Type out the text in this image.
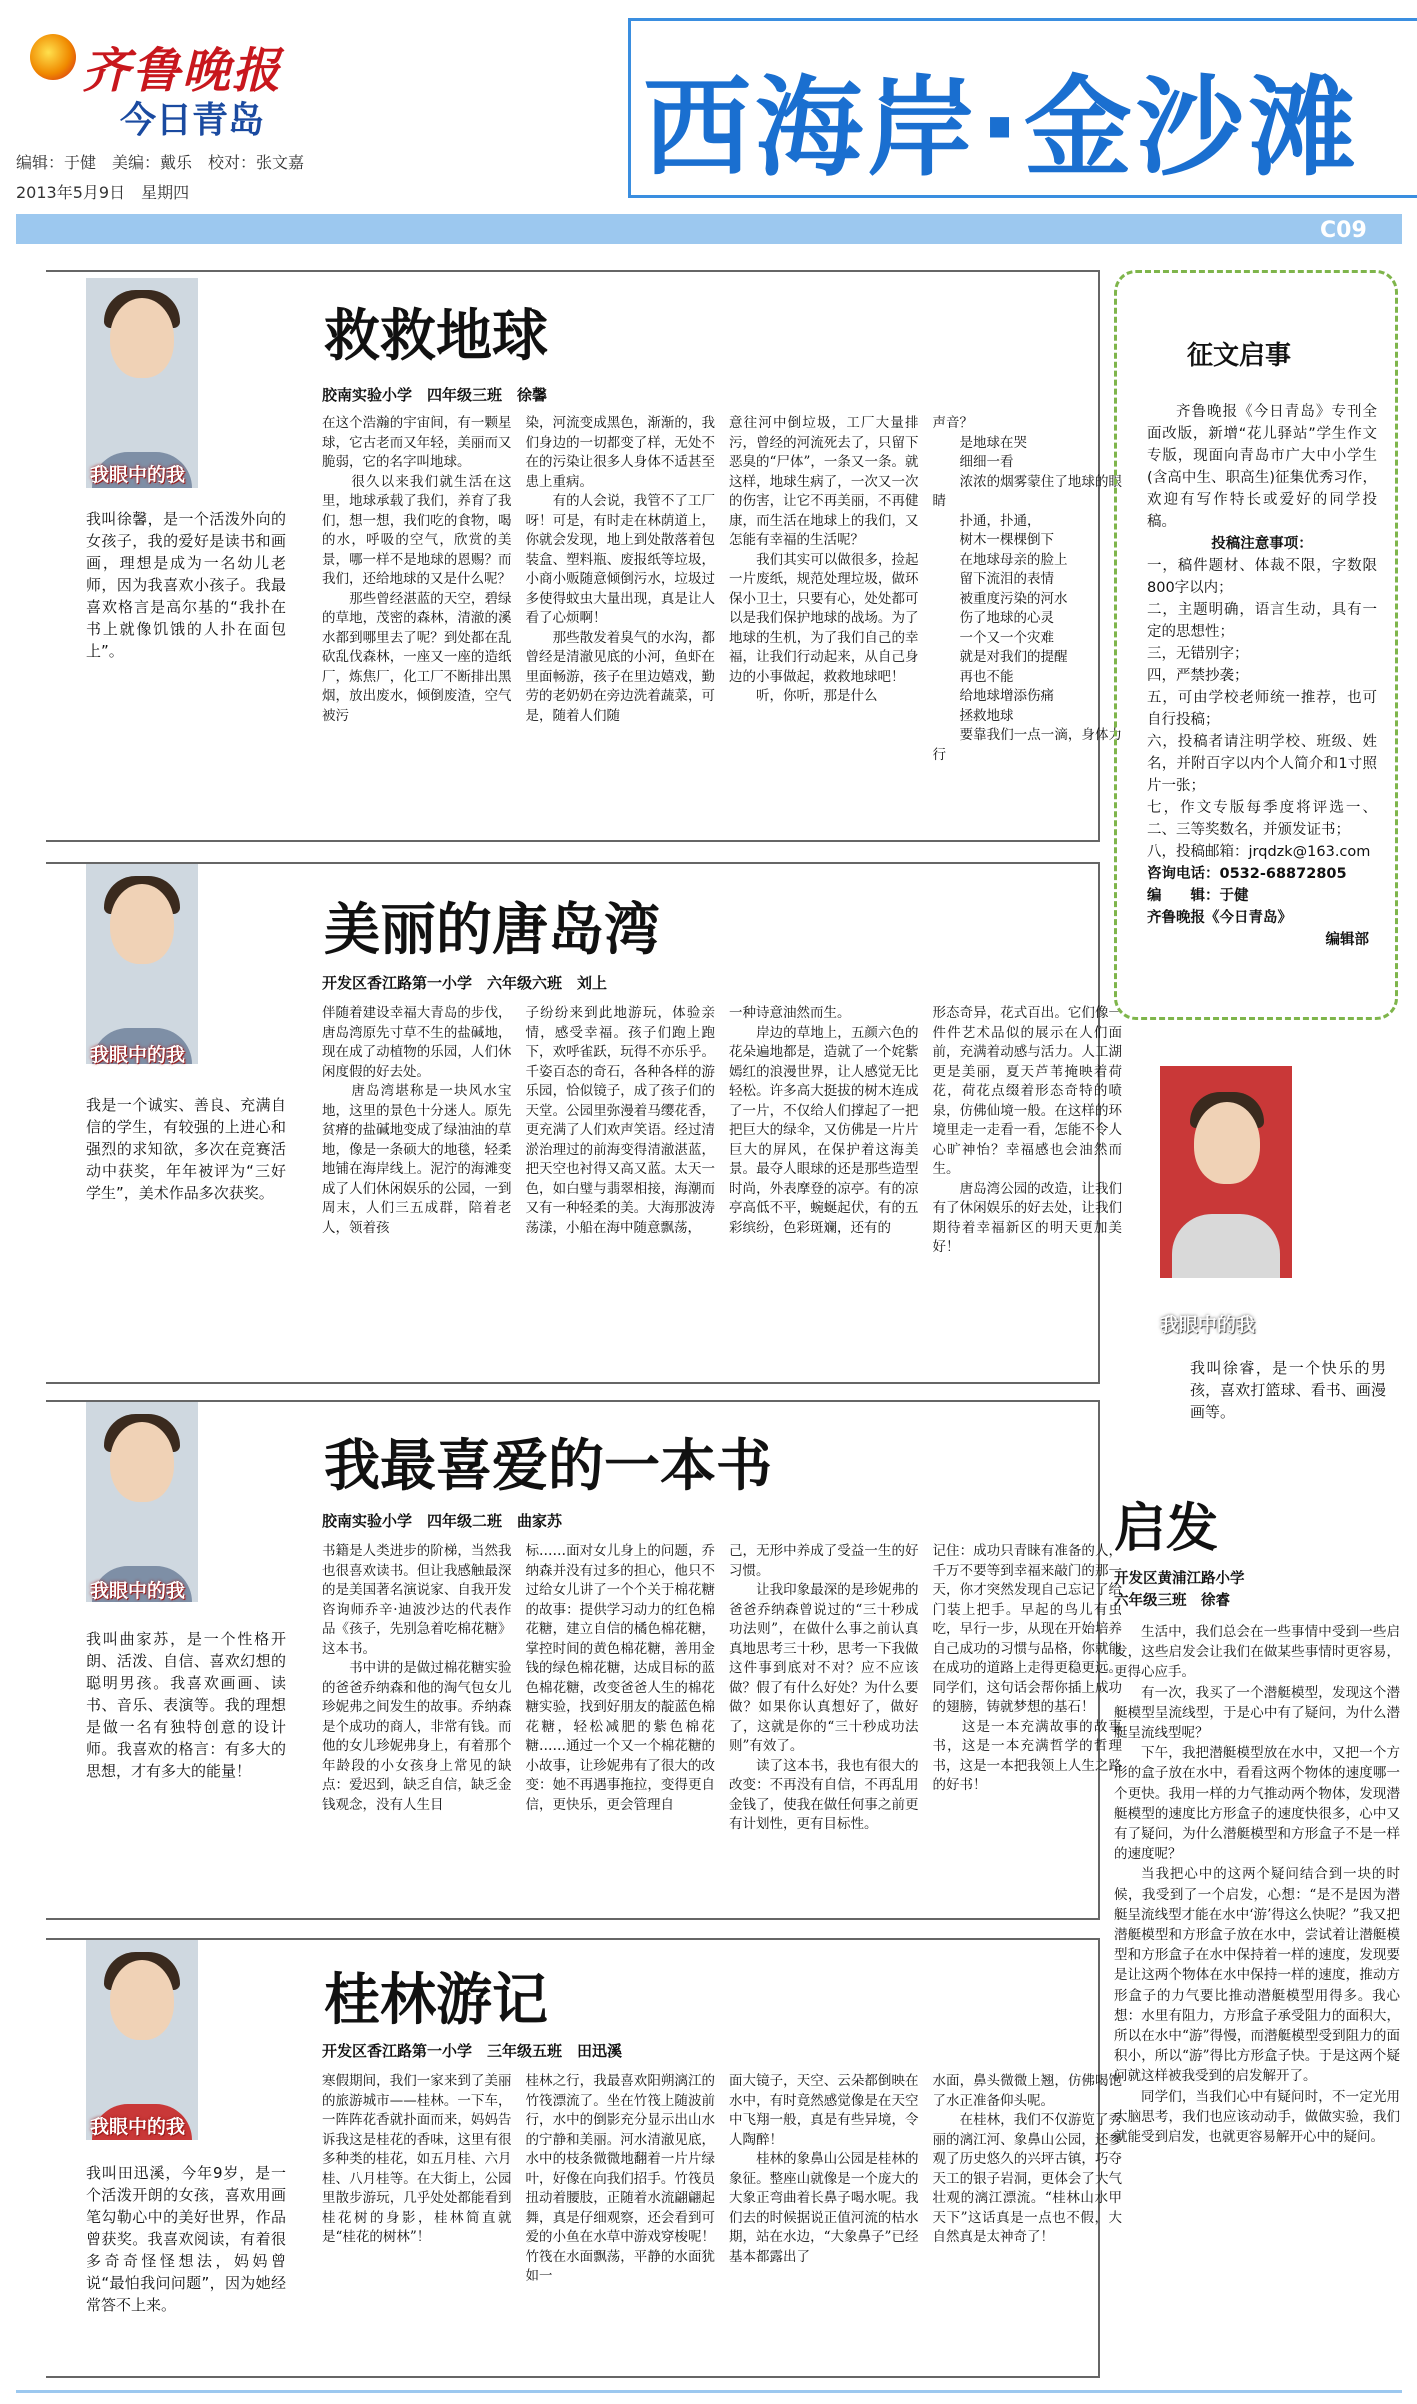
齐鲁晚报
今日青岛
编辑：于健　美编：戴乐　校对：张文嘉
2013年5月9日　星期四
西海岸·金沙滩
C09
我眼中的我
我叫徐馨，是一个活泼外向的女孩子，我的爱好是读书和画画，理想是成为一名幼儿老师，因为我喜欢小孩子。我最喜欢格言是高尔基的“我扑在书上就像饥饿的人扑在面包上”。
救救地球
胶南实验小学　四年级三班　徐馨
在这个浩瀚的宇宙间，有一颗星球，它古老而又年轻，美丽而又脆弱，它的名字叫地球。
　　很久以来我们就生活在这里，地球承载了我们，养育了我们，想一想，我们吃的食物，喝的水，呼吸的空气，欣赏的美景，哪一样不是地球的恩赐？而我们，还给地球的又是什么呢？
　　那些曾经湛蓝的天空，碧绿的草地，茂密的森林，清澈的溪水都到哪里去了呢？到处都在乱砍乱伐森林，一座又一座的造纸厂，炼焦厂，化工厂不断排出黑烟，放出废水，倾倒废渣，空气被污
染，河流变成黑色，渐渐的，我们身边的一切都变了样，无处不在的污染让很多人身体不适甚至患上重病。
　　有的人会说，我管不了工厂呀！可是，有时走在林荫道上，你就会发现，地上到处散落着包装盒、塑料瓶、废报纸等垃圾，小商小贩随意倾倒污水，垃圾过多使得蚊虫大量出现，真是让人看了心烦啊！
　　那些散发着臭气的水沟，都曾经是清澈见底的小河，鱼虾在里面畅游，孩子在里边嬉戏，勤劳的老奶奶在旁边洗着蔬菜，可是，随着人们随
意往河中倒垃圾，工厂大量排污，曾经的河流死去了，只留下恶臭的“尸体”，一条又一条。就这样，地球生病了，一次又一次的伤害，让它不再美丽，不再健康，而生活在地球上的我们，又怎能有幸福的生活呢？
　　我们其实可以做很多，捡起一片废纸，规范处理垃圾，做环保小卫士，只要有心，处处都可以是我们保护地球的战场。为了地球的生机，为了我们自己的幸福，让我们行动起来，从自己身边的小事做起，救救地球吧！
　　听，你听，那是什么
声音？
　　是地球在哭
　　细细一看
　　浓浓的烟雾蒙住了地球的眼睛
　　扑通，扑通，
　　树木一棵棵倒下
　　在地球母亲的脸上
　　留下流泪的表情
　　被重度污染的河水
　　伤了地球的心灵
　　一个又一个灾难
　　就是对我们的提醒
　　再也不能
　　给地球增添伤痛
　　拯救地球
　　要靠我们一点一滴，身体力行
我眼中的我
我是一个诚实、善良、充满自信的学生，有较强的上进心和强烈的求知欲，多次在竞赛活动中获奖，年年被评为“三好学生”，美术作品多次获奖。
美丽的唐岛湾
开发区香江路第一小学　六年级六班　刘上
伴随着建设幸福大青岛的步伐，唐岛湾原先寸草不生的盐碱地，现在成了动植物的乐园，人们休闲度假的好去处。
　　唐岛湾堪称是一块风水宝地，这里的景色十分迷人。原先贫瘠的盐碱地变成了绿油油的草地，像是一条硕大的地毯，轻柔地铺在海岸线上。泥泞的海滩变成了人们休闲娱乐的公园，一到周末，人们三五成群，陪着老人，领着孩
子纷纷来到此地游玩，体验亲情，感受幸福。孩子们跑上跑下，欢呼雀跃，玩得不亦乐乎。千姿百态的奇石，各种各样的游乐园，恰似镜子，成了孩子们的天堂。公园里弥漫着马缨花香，更充满了人们欢声笑语。经过清淤治理过的前海变得清澈湛蓝，把天空也衬得又高又蓝。太天一色，如白璧与翡翠相接，海潮而又有一种轻柔的美。大海那波涛荡漾，小船在海中随意飘荡，
一种诗意油然而生。
　　岸边的草地上，五颜六色的花朵遍地都是，造就了一个姹紫嫣红的浪漫世界，让人感觉无比轻松。许多高大挺拔的树木连成了一片，不仅给人们撑起了一把把巨大的绿伞，又仿佛是一片片巨大的屏风，在保护着这海美景。最夺人眼球的还是那些造型时尚，外表摩登的凉亭。有的凉亭高低不平，蜿蜒起伏，有的五彩缤纷，色彩斑斓，还有的
形态奇异，花式百出。它们像一件件艺术品似的展示在人们面前，充满着动感与活力。人工湖更是美丽，夏天芦苇掩映着荷花，荷花点缀着形态奇特的喷泉，仿佛仙境一般。在这样的环境里走一走看一看，怎能不令人心旷神怡？幸福感也会油然而生。
　　唐岛湾公园的改造，让我们有了休闲娱乐的好去处，让我们期待着幸福新区的明天更加美好！
我眼中的我
我叫曲家苏，是一个性格开朗、活泼、自信、喜欢幻想的聪明男孩。我喜欢画画、读书、音乐、表演等。我的理想是做一名有独特创意的设计师。我喜欢的格言：有多大的思想，才有多大的能量！
我最喜爱的一本书
胶南实验小学　四年级二班　曲家苏
书籍是人类进步的阶梯，当然我也很喜欢读书。但让我感触最深的是美国著名演说家、自我开发咨询师乔辛·迪波沙达的代表作品《孩子，先别急着吃棉花糖》这本书。
　　书中讲的是做过棉花糖实验的爸爸乔纳森和他的淘气包女儿珍妮弗之间发生的故事。乔纳森是个成功的商人，非常有钱。而他的女儿珍妮弗身上，有着那个年龄段的小女孩身上常见的缺点：爱迟到，缺乏自信，缺乏金钱观念，没有人生目
标……面对女儿身上的问题，乔纳森并没有过多的担心，他只不过给女儿讲了一个个关于棉花糖的故事：提供学习动力的红色棉花糖，建立自信的橘色棉花糖，掌控时间的黄色棉花糖，善用金钱的绿色棉花糖，达成目标的蓝色棉花糖，改变爸爸人生的棉花糖实验，找到好朋友的靛蓝色棉花糖，轻松减肥的紫色棉花糖……通过一个又一个棉花糖的小故事，让珍妮弗有了很大的改变：她不再遇事拖拉，变得更自信，更快乐，更会管理自
己，无形中养成了受益一生的好习惯。
　　让我印象最深的是珍妮弗的爸爸乔纳森曾说过的“三十秒成功法则”，在做什么事之前认真真地思考三十秒，思考一下我做这件事到底对不对？应不应该做？假了有什么好处？为什么要做？如果你认真想好了，做好了，这就是你的“三十秒成功法则”有效了。
　　读了这本书，我也有很大的改变：不再没有自信，不再乱用金钱了，使我在做任何事之前更有计划性，更有目标性。
记住：成功只青睐有准备的人，千万不要等到幸福来敲门的那一天，你才突然发现自己忘记了给门装上把手。早起的鸟儿有虫吃，早行一步，从现在开始培养自己成功的习惯与品格，你就能在成功的道路上走得更稳更远。同学们，这句话会帮你插上成功的翅膀，铸就梦想的基石！
　　这是一本充满故事的故事书，这是一本充满哲学的哲理书，这是一本把我领上人生之路的好书！
我眼中的我
我叫田迅溪，今年9岁，是一个活泼开朗的女孩，喜欢用画笔勾勒心中的美好世界，作品曾获奖。我喜欢阅读，有着很多奇奇怪怪想法，妈妈曾说“最怕我问问题”，因为她经常答不上来。
桂林游记
开发区香江路第一小学　三年级五班　田迅溪
寒假期间，我们一家来到了美丽的旅游城市——桂林。一下车，一阵阵花香就扑面而来，妈妈告诉我这是桂花的香味，这里有很多种类的桂花，如五月桂、六月桂、八月桂等。在大街上，公园里散步游玩，几乎处处都能看到桂花树的身影，桂林简直就是“桂花的树林”！
桂林之行，我最喜欢阳朔漓江的竹筏漂流了。坐在竹筏上随波前行，水中的倒影充分显示出山水的宁静和美丽。河水清澈见底，水中的枝条微微地翻着一片片绿叶，好像在向我们招手。竹筏员扭动着腰肢，正随着水流翩翩起舞，真是仔细观察，还会看到可爱的小鱼在水草中游戏穿梭呢！竹筏在水面飘荡，平静的水面犹如一
面大镜子，天空、云朵都倒映在水中，有时竟然感觉像是在天空中飞翔一般，真是有些异境，令人陶醉！
　　桂林的象鼻山公园是桂林的象征。整座山就像是一个庞大的大象正弯曲着长鼻子喝水呢。我们去的时候据说正值河流的枯水期，站在水边，“大象鼻子”已经基本都露出了
水面，鼻头微微上翘，仿佛喝饱了水正准备仰头呢。
　　在桂林，我们不仅游览了秀丽的漓江河、象鼻山公园，还参观了历史悠久的兴坪古镇，巧夺天工的银子岩洞，更体会了大气壮观的漓江漂流。“桂林山水甲天下”这话真是一点也不假，大自然真是太神奇了！
征文启事

齐鲁晚报《今日青岛》专刊全面改版，新增“花儿驿站”学生作文专版，现面向青岛市广大中小学生(含高中生、职高生)征集优秀习作，欢迎有写作特长或爱好的同学投稿。

投稿注意事项：

一，稿件题材、体裁不限，字数限800字以内；

二，主题明确，语言生动，具有一定的思想性；

三，无错别字；

四，严禁抄袭；

五，可由学校老师统一推荐，也可自行投稿；

六，投稿者请注明学校、班级、姓名，并附百字以内个人简介和1寸照片一张；

七，作文专版每季度将评选一、二、三等奖数名，并颁发证书；

八，投稿邮箱：jrqdzk@163.com

咨询电话：0532-68872805

编　　辑：于健

齐鲁晚报《今日青岛》

编辑部

我眼中的我
我叫徐睿，是一个快乐的男孩，喜欢打篮球、看书、画漫画等。
启发
开发区黄浦江路小学
六年级三班　徐睿

生活中，我们总会在一些事情中受到一些启发，这些启发会让我们在做某些事情时更容易，更得心应手。

有一次，我买了一个潜艇模型，发现这个潜艇模型呈流线型，于是心中有了疑问，为什么潜艇呈流线型呢？

下午，我把潜艇模型放在水中，又把一个方形的盒子放在水中，看看这两个物体的速度哪一个更快。我用一样的力气推动两个物体，发现潜艇模型的速度比方形盒子的速度快很多，心中又有了疑问，为什么潜艇模型和方形盒子不是一样的速度呢？

当我把心中的这两个疑问结合到一块的时候，我受到了一个启发，心想：“是不是因为潜艇呈流线型才能在水中‘游’得这么快呢？”我又把潜艇模型和方形盒子放在水中，尝试着让潜艇模型和方形盒子在水中保持着一样的速度，发现要是让这两个物体在水中保持一样的速度，推动方形盒子的力气要比推动潜艇模型用得多。我心想：水里有阻力，方形盒子承受阻力的面积大，所以在水中“游”得慢，而潜艇模型受到阻力的面积小，所以“游”得比方形盒子快。于是这两个疑问就这样被我受到的启发解开了。

同学们，当我们心中有疑问时，不一定光用大脑思考，我们也应该动动手，做做实验，我们就能受到启发，也就更容易解开心中的疑问。
